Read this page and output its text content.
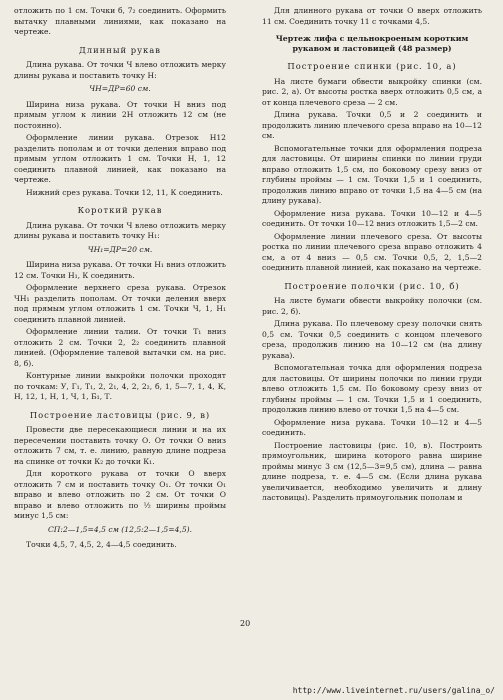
отложить по 1 см. Точки б, 7₂ соединить. Оформить вытачку плавными линиями, как показано на чертеже.

Длинный рукав

Длина рукава. От точки Ч влево отложить мерку длины рукава и поставить точку Н:

ЧН=ДР=60 см.

Ширина низа рукава. От точки Н вниз под прямым углом к линии 2Н отложить 12 см (не постоянно).

Оформление линии рукава. Отрезок Н12 разделить пополам и от точки деления вправо под прямым углом отложить 1 см. Точки Н, 1, 12 соединить плавной линией, как показано на чертеже.

Нижний срез рукава. Точки 12, 11, К соединить.

Короткий рукав

Длина рукава. От точки Ч влево отложить мерку длины рукава и поставить точку Н₁:

ЧН₁=ДР=20 см.

Ширина низа рукава. От точки Н₁ вниз отложить 12 см. Точки Н₁, К соединить.

Оформление верхнего среза рукава. Отрезок ЧН₁ разделить пополам. От точки деления вверх под прямым углом отложить 1 см. Точки Ч, 1, Н₁ соединить плавной линией.

Оформление линии талии. От точки Т₁ вниз отложить 2 см. Точки 2, 2₂ соединить плавной линией. (Оформление талевой вытачки см. на рис. 8, б).

Контурные линии выкройки полочки проходят по точкам: У, Г₁, Т₁, 2, 2₁, 4, 2, 2₂, б, 1, 5—7, 1, 4, К, Н, 12, 1, Н, 1, Ч, 1, Б₁, Т.

Построение ластовицы (рис. 9, в)

Провести две пересекающиеся линии и на их пересечении поставить точку О. От точки О вниз отложить 7 см, т. е. линию, равную длине подреза на спинке от точки К₂ до точки К₁.

Для короткого рукава от точки О вверх отложить 7 см и поставить точку О₁. От точки О₁ вправо и влево отложить по 2 см. От точки О вправо и влево отложить по ½ ширины проймы минус 1,5 см:

СП:2—1,5=4,5 см (12,5:2—1,5=4,5).

Точки 4,5, 7, 4,5, 2, 4—4,5 соединить.

Для длинного рукава от точки О вверх отложить 11 см. Соединить точку 11 с точками 4,5.

Чертеж лифа с цельнокроеным коротким рукавом и ластовицей (48 размер)
Построение спинки (рис. 10, а)

На листе бумаги обвести выкройку спинки (см. рис. 2, а). От высоты ростка вверх отложить 0,5 см, а от конца плечевого среза — 2 см.

Длина рукава. Точки 0,5 и 2 соединить и продолжить линию плечевого среза вправо на 10—12 см.

Вспомогательные точки для оформления подреза для ластовицы. От ширины спинки по линии груди вправо отложить 1,5 см, по боковому срезу вниз от глубины проймы — 1 см. Точки 1,5 и 1 соединить, продолжив линию вправо от точки 1,5 на 4—5 см (на длину рукава).

Оформление низа рукава. Точки 10—12 и 4—5 соединить. От точки 10—12 вниз отложить 1,5—2 см.

Оформление линии плечевого среза. От высоты ростка по линии плечевого среза вправо отложить 4 см, а от 4 вниз — 0,5 см. Точки 0,5, 2, 1,5—2 соединить плавной линией, как показано на чертеже.

Построение полочки (рис. 10, б)

На листе бумаги обвести выкройку полочки (см. рис. 2, б).

Длина рукава. По плечевому срезу полочки снять 0,5 см. Точки 0,5 соединить с концом плечевого среза, продолжив линию на 10—12 см (на длину рукава).

Вспомогательная точка для оформления подреза для ластовицы. От ширины полочки по линии груди влево отложить 1,5 см. По боковому срезу вниз от глубины проймы — 1 см. Точки 1,5 и 1 соединить, продолжив линию влево от точки 1,5 на 4—5 см.

Оформление низа рукава. Точки 10—12 и 4—5 соединить.

Построение ластовицы (рис. 10, в). Построить прямоугольник, ширина которого равна ширине проймы минус 3 см (12,5—3=9,5 см), длина — равна длине подреза, т. е. 4—5 см. (Если длина рукава увеличивается, необходимо увеличить и длину ластовицы). Разделить прямоугольник пополам и

20
http://www.liveinternet.ru/users/galina_o/
